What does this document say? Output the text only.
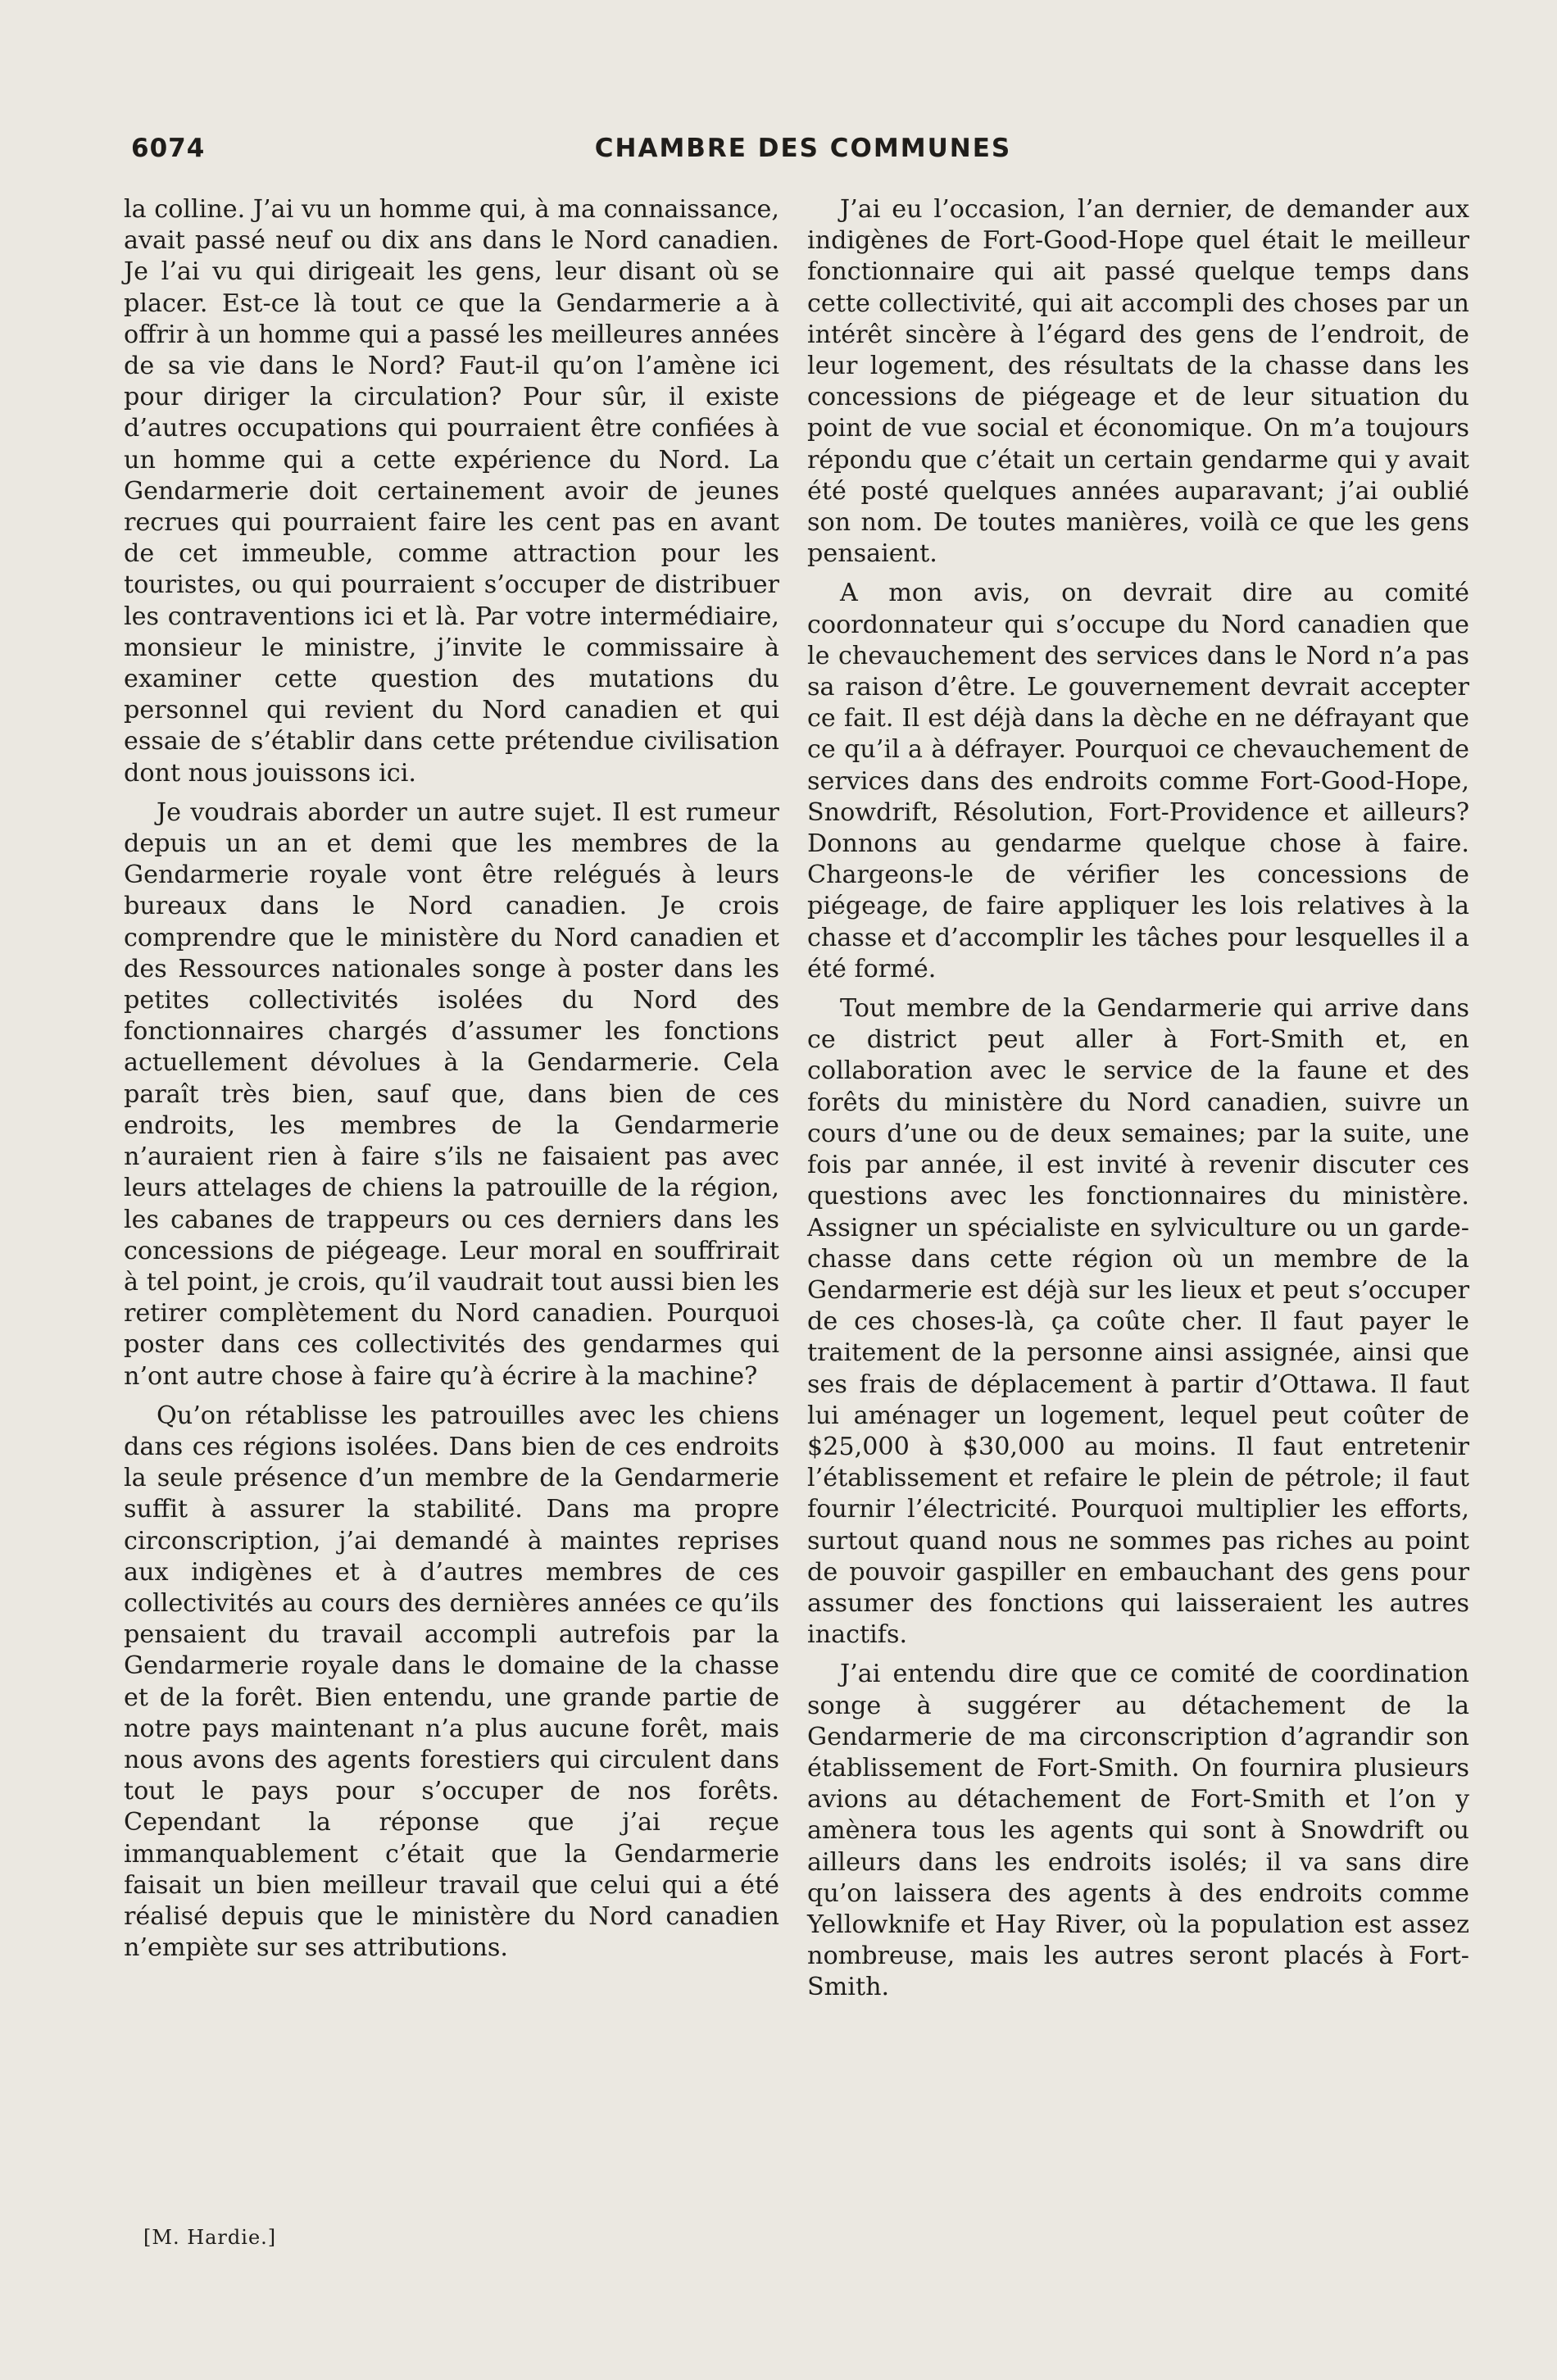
6074	CHAMBRE DES COMMUNES

la colline. J’ai vu un homme qui, à ma connaissance, avait passé neuf ou dix ans dans le Nord canadien. Je l’ai vu qui dirigeait les gens, leur disant où se placer. Est-ce là tout ce que la Gendarmerie a à offrir à un homme qui a passé les meilleures années de sa vie dans le Nord? Faut-il qu’on l’amène ici pour diriger la circulation? Pour sûr, il existe d’autres occupations qui pourraient être confiées à un homme qui a cette expérience du Nord. La Gendarmerie doit certainement avoir de jeunes recrues qui pourraient faire les cent pas en avant de cet immeuble, comme attraction pour les touristes, ou qui pourraient s’occuper de distribuer les contraventions ici et là. Par votre intermédiaire, monsieur le ministre, j’invite le commissaire à examiner cette question des mutations du personnel qui revient du Nord canadien et qui essaie de s’établir dans cette prétendue civilisation dont nous jouissons ici.

Je voudrais aborder un autre sujet. Il est rumeur depuis un an et demi que les membres de la Gendarmerie royale vont être relégués à leurs bureaux dans le Nord canadien. Je crois comprendre que le ministère du Nord canadien et des Ressources nationales songe à poster dans les petites collectivités isolées du Nord des fonctionnaires chargés d’assumer les fonctions actuellement dévolues à la Gendarmerie. Cela paraît très bien, sauf que, dans bien de ces endroits, les membres de la Gendarmerie n’auraient rien à faire s’ils ne faisaient pas avec leurs attelages de chiens la patrouille de la région, les cabanes de trappeurs ou ces derniers dans les concessions de piégeage. Leur moral en souffrirait à tel point, je crois, qu’il vaudrait tout aussi bien les retirer complètement du Nord canadien. Pourquoi poster dans ces collectivités des gendarmes qui n’ont autre chose à faire qu’à écrire à la machine?

Qu’on rétablisse les patrouilles avec les chiens dans ces régions isolées. Dans bien de ces endroits la seule présence d’un membre de la Gendarmerie suffit à assurer la stabilité. Dans ma propre circonscription, j’ai demandé à maintes reprises aux indigènes et à d’autres membres de ces collectivités au cours des dernières années ce qu’ils pensaient du travail accompli autrefois par la Gendarmerie royale dans le domaine de la chasse et de la forêt. Bien entendu, une grande partie de notre pays maintenant n’a plus aucune forêt, mais nous avons des agents forestiers qui circulent dans tout le pays pour s’occuper de nos forêts. Cependant la réponse que j’ai reçue immanquablement c’était que la Gendarmerie faisait un bien meilleur travail que celui qui a été réalisé depuis que le ministère du Nord canadien n’empiète sur ses attributions.

[M. Hardie.]

J’ai eu l’occasion, l’an dernier, de demander aux indigènes de Fort-Good-Hope quel était le meilleur fonctionnaire qui ait passé quelque temps dans cette collectivité, qui ait accompli des choses par un intérêt sincère à l’égard des gens de l’endroit, de leur logement, des résultats de la chasse dans les concessions de piégeage et de leur situation du point de vue social et économique. On m’a toujours répondu que c’était un certain gendarme qui y avait été posté quelques années auparavant; j’ai oublié son nom. De toutes manières, voilà ce que les gens pensaient.

A mon avis, on devrait dire au comité coordonnateur qui s’occupe du Nord canadien que le chevauchement des services dans le Nord n’a pas sa raison d’être. Le gouvernement devrait accepter ce fait. Il est déjà dans la dèche en ne défrayant que ce qu’il a à défrayer. Pourquoi ce chevauchement de services dans des endroits comme Fort-Good-Hope, Snowdrift, Résolution, Fort-Providence et ailleurs? Donnons au gendarme quelque chose à faire. Chargeons-le de vérifier les concessions de piégeage, de faire appliquer les lois relatives à la chasse et d’accomplir les tâches pour lesquelles il a été formé.

Tout membre de la Gendarmerie qui arrive dans ce district peut aller à Fort-Smith et, en collaboration avec le service de la faune et des forêts du ministère du Nord canadien, suivre un cours d’une ou de deux semaines; par la suite, une fois par année, il est invité à revenir discuter ces questions avec les fonctionnaires du ministère. Assigner un spécialiste en sylviculture ou un garde-chasse dans cette région où un membre de la Gendarmerie est déjà sur les lieux et peut s’occuper de ces choses-là, ça coûte cher. Il faut payer le traitement de la personne ainsi assignée, ainsi que ses frais de déplacement à partir d’Ottawa. Il faut lui aménager un logement, lequel peut coûter de $25,000 à $30,000 au moins. Il faut entretenir l’établissement et refaire le plein de pétrole; il faut fournir l’électricité. Pourquoi multiplier les efforts, surtout quand nous ne sommes pas riches au point de pouvoir gaspiller en embauchant des gens pour assumer des fonctions qui laisseraient les autres inactifs.

J’ai entendu dire que ce comité de coordination songe à suggérer au détachement de la Gendarmerie de ma circonscription d’agrandir son établissement de Fort-Smith. On fournira plusieurs avions au détachement de Fort-Smith et l’on y amènera tous les agents qui sont à Snowdrift ou ailleurs dans les endroits isolés; il va sans dire qu’on laissera des agents à des endroits comme Yellowknife et Hay River, où la population est assez nombreuse, mais les autres seront placés à Fort-Smith.
